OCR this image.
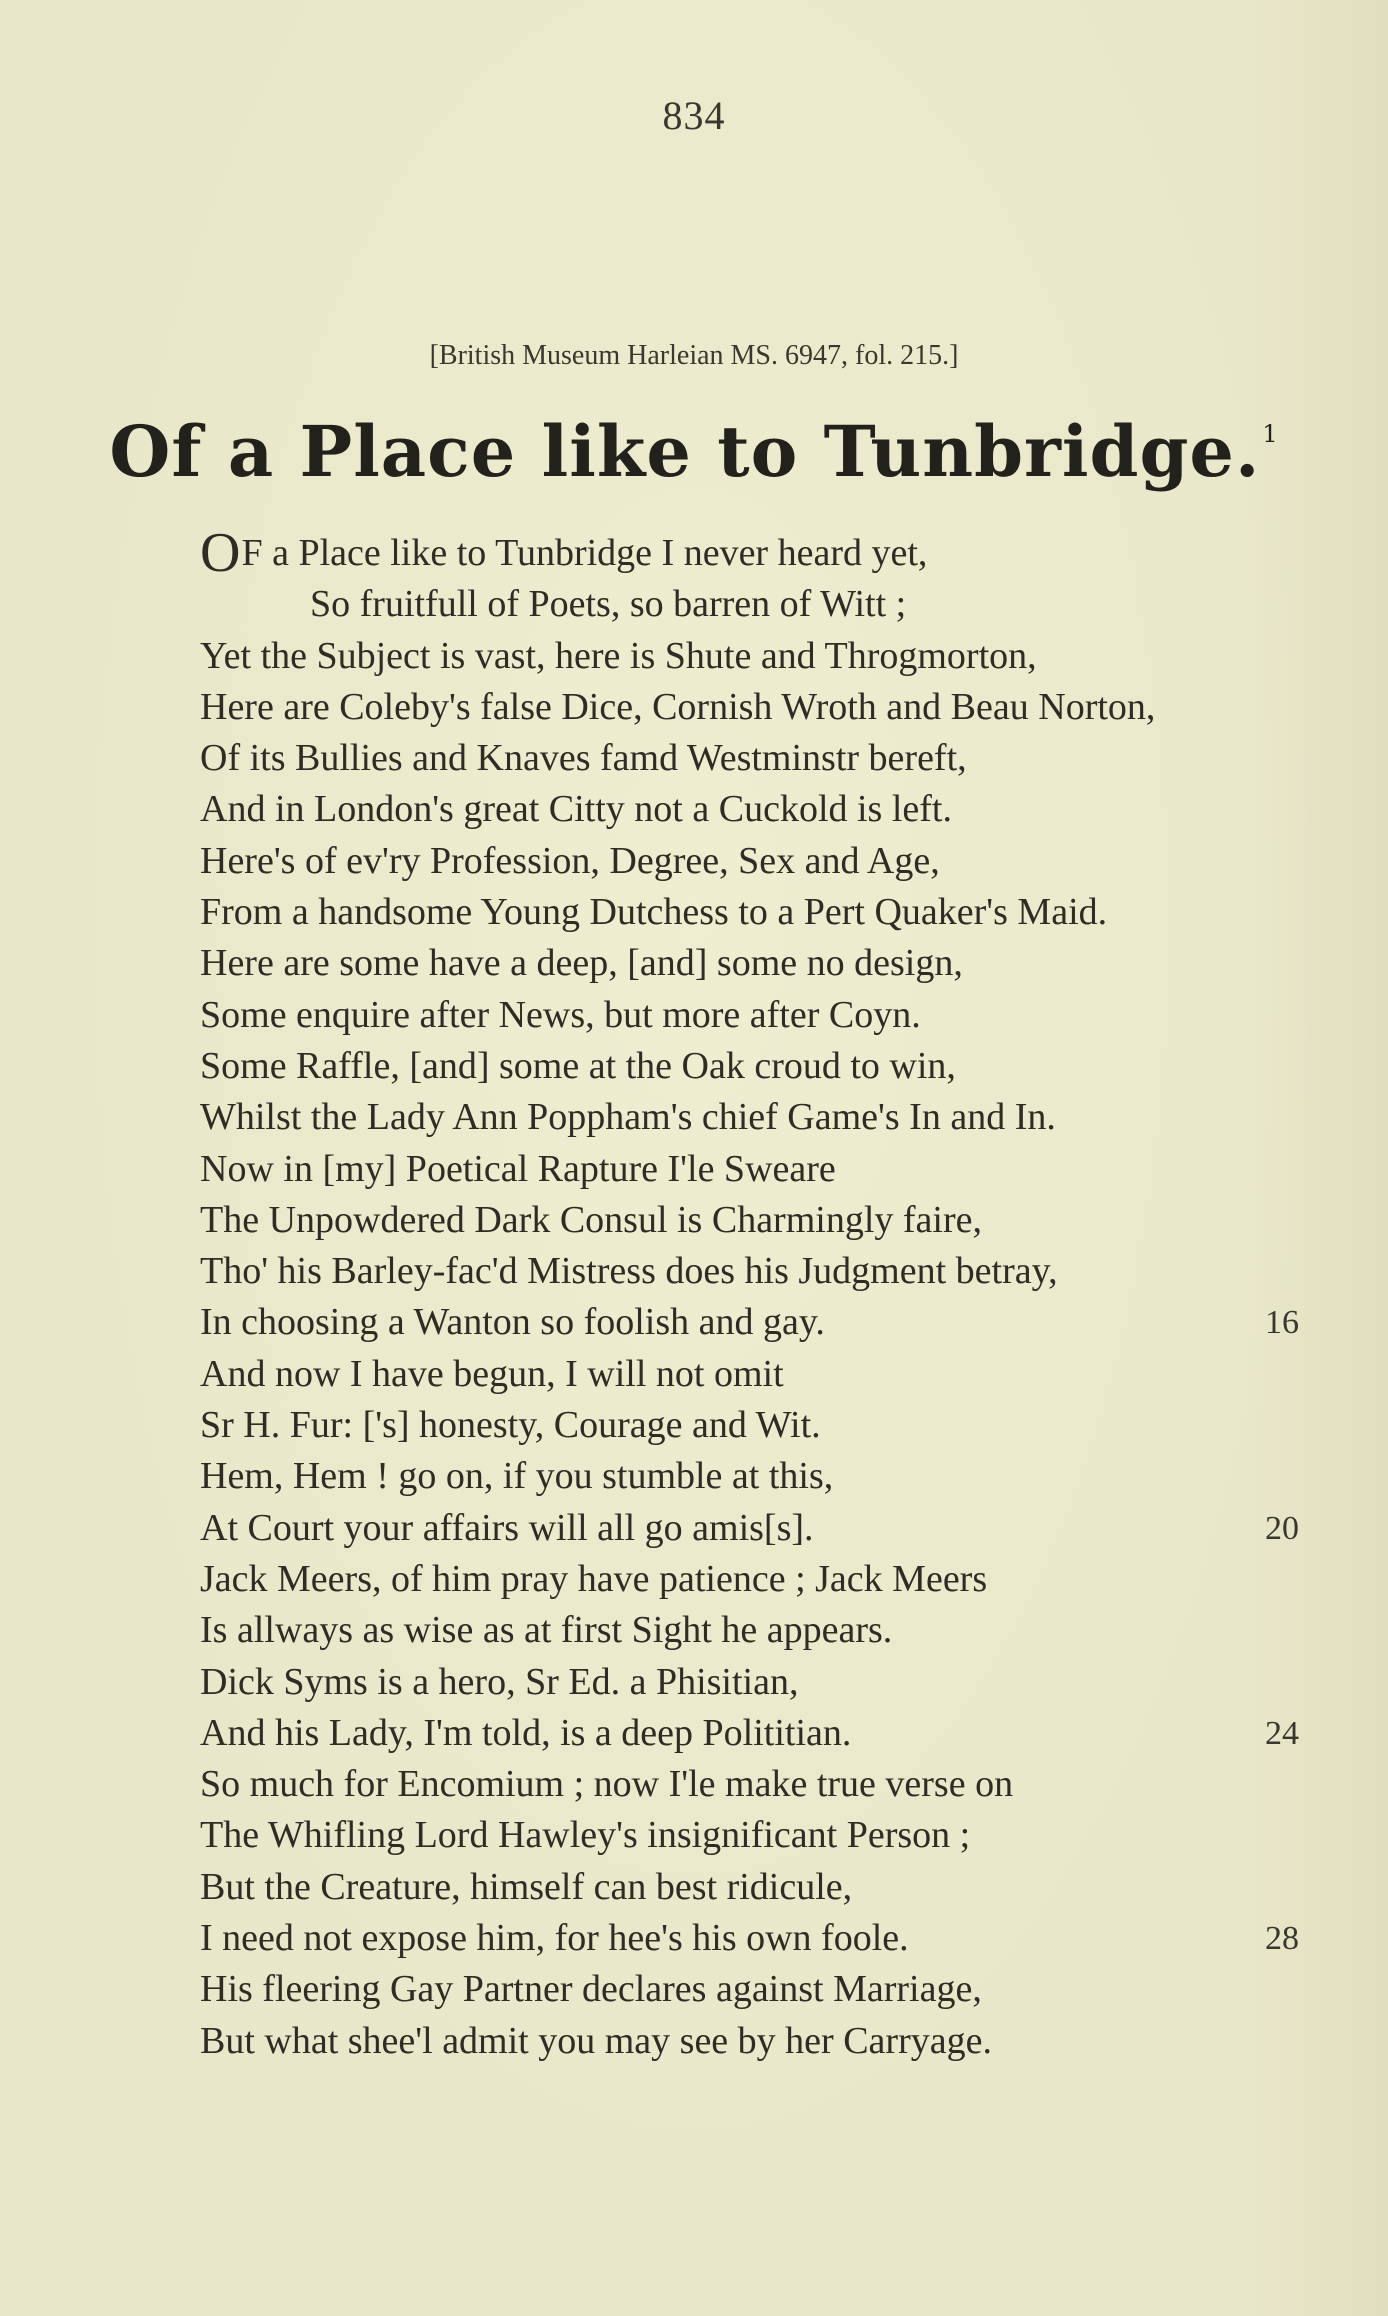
834
[British Museum Harleian MS. 6947, fol. 215.]
Of a Place like to Tunbridge.$^1$
OF a Place like to Tunbridge I never heard yet,
So fruitfull of Poets, so barren of Witt ;
Yet the Subject is vast, here is Shute and Throgmorton,
Here are Coleby's false Dice, Cornish Wroth and Beau Norton,
Of its Bullies and Knaves famd Westminstr bereft,
And in London's great Citty not a Cuckold is left.
Here's of ev'ry Profession, Degree, Sex and Age,
From a handsome Young Dutchess to a Pert Quaker's Maid.
Here are some have a deep, [and] some no design,
Some enquire after News, but more after Coyn.
Some Raffle, [and] some at the Oak croud to win,
Whilst the Lady Ann Poppham's chief Game's In and In.
Now in [my] Poetical Rapture I'le Sweare
The Unpowdered Dark Consul is Charmingly faire,
Tho' his Barley-fac'd Mistress does his Judgment betray,
In choosing a Wanton so foolish and gay.	16
And now I have begun, I will not omit
Sr H. Fur: ['s] honesty, Courage and Wit.
Hem, Hem ! go on, if you stumble at this,
At Court your affairs will all go amis[s].	20
Jack Meers, of him pray have patience ; Jack Meers
Is allways as wise as at first Sight he appears.
Dick Syms is a hero, Sr Ed. a Phisitian,
And his Lady, I'm told, is a deep Polititian.	24
So much for Encomium ; now I'le make true verse on
The Whifling Lord Hawley's insignificant Person ;
But the Creature, himself can best ridicule,
I need not expose him, for hee's his own foole.	28
His fleering Gay Partner declares against Marriage,
But what shee'l admit you may see by her Carryage.
